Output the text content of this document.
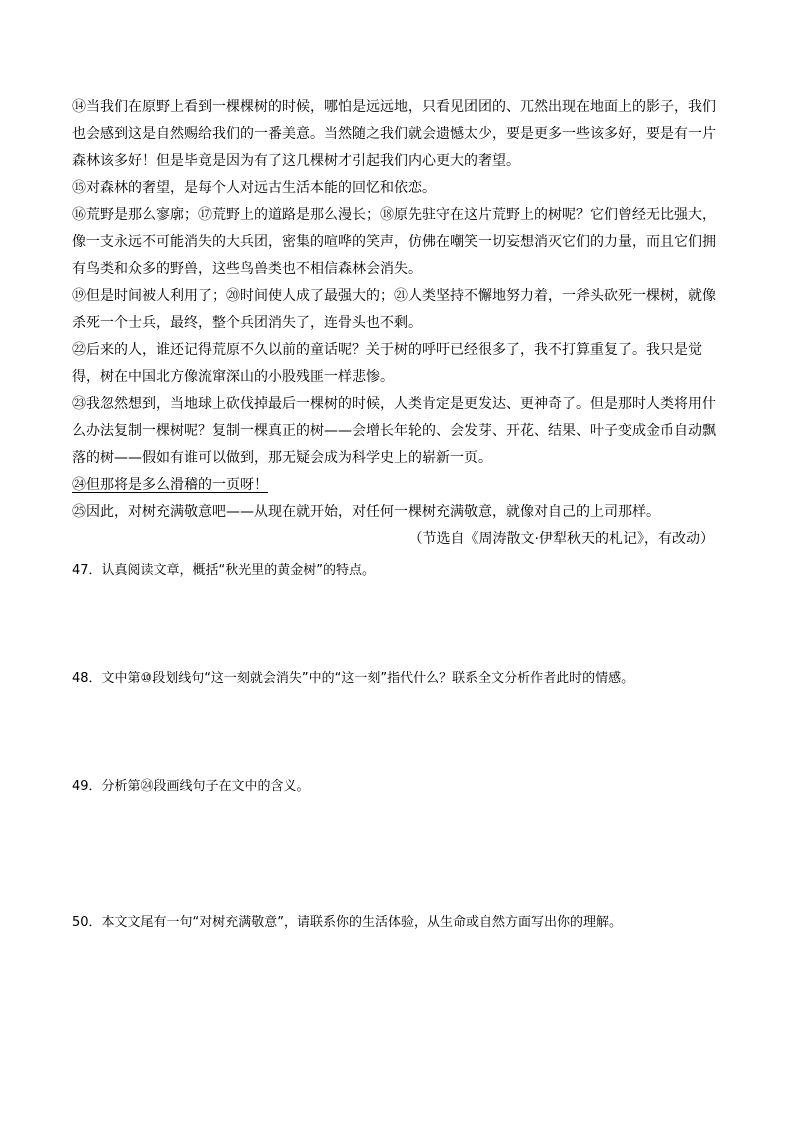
⑭当我们在原野上看到一棵棵树的时候，哪怕是远远地，只看见团团的、兀然出现在地面上的影子，我们也会感到这是自然赐给我们的一番美意。当然随之我们就会遗憾太少，要是更多一些该多好，要是有一片森林该多好！但是毕竟是因为有了这几棵树才引起我们内心更大的奢望。

⑮对森林的奢望，是每个人对远古生活本能的回忆和依恋。

⑯荒野是那么寥廓；⑰荒野上的道路是那么漫长；⑱原先驻守在这片荒野上的树呢？它们曾经无比强大，像一支永远不可能消失的大兵团，密集的喧哗的笑声，仿佛在嘲笑一切妄想消灭它们的力量，而且它们拥有鸟类和众多的野兽，这些鸟兽类也不相信森林会消失。

⑲但是时间被人利用了；⑳时间使人成了最强大的；㉑人类坚持不懈地努力着，一斧头砍死一棵树，就像杀死一个士兵，最终，整个兵团消失了，连骨头也不剩。

㉒后来的人，谁还记得荒原不久以前的童话呢？关于树的呼吁已经很多了，我不打算重复了。我只是觉得，树在中国北方像流窜深山的小股残匪一样悲惨。

㉓我忽然想到，当地球上砍伐掉最后一棵树的时候，人类肯定是更发达、更神奇了。但是那时人类将用什么办法复制一棵树呢？复制一棵真正的树——会增长年轮的、会发芽、开花、结果、叶子变成金币自动飘落的树——假如有谁可以做到，那无疑会成为科学史上的崭新一页。

㉔但那将是多么滑稽的一页呀！

㉕因此，对树充满敬意吧——从现在就开始，对任何一棵树充满敬意，就像对自己的上司那样。

（节选自《周涛散文·伊犁秋天的札记》，有改动）
47．认真阅读文章，概括“秋光里的黄金树”的特点。
48．文中第⑩段划线句“这一刻就会消失”中的“这一刻”指代什么？联系全文分析作者此时的情感。
49．分析第㉔段画线句子在文中的含义。
50．本文文尾有一句“对树充满敬意”，请联系你的生活体验，从生命或自然方面写出你的理解。
